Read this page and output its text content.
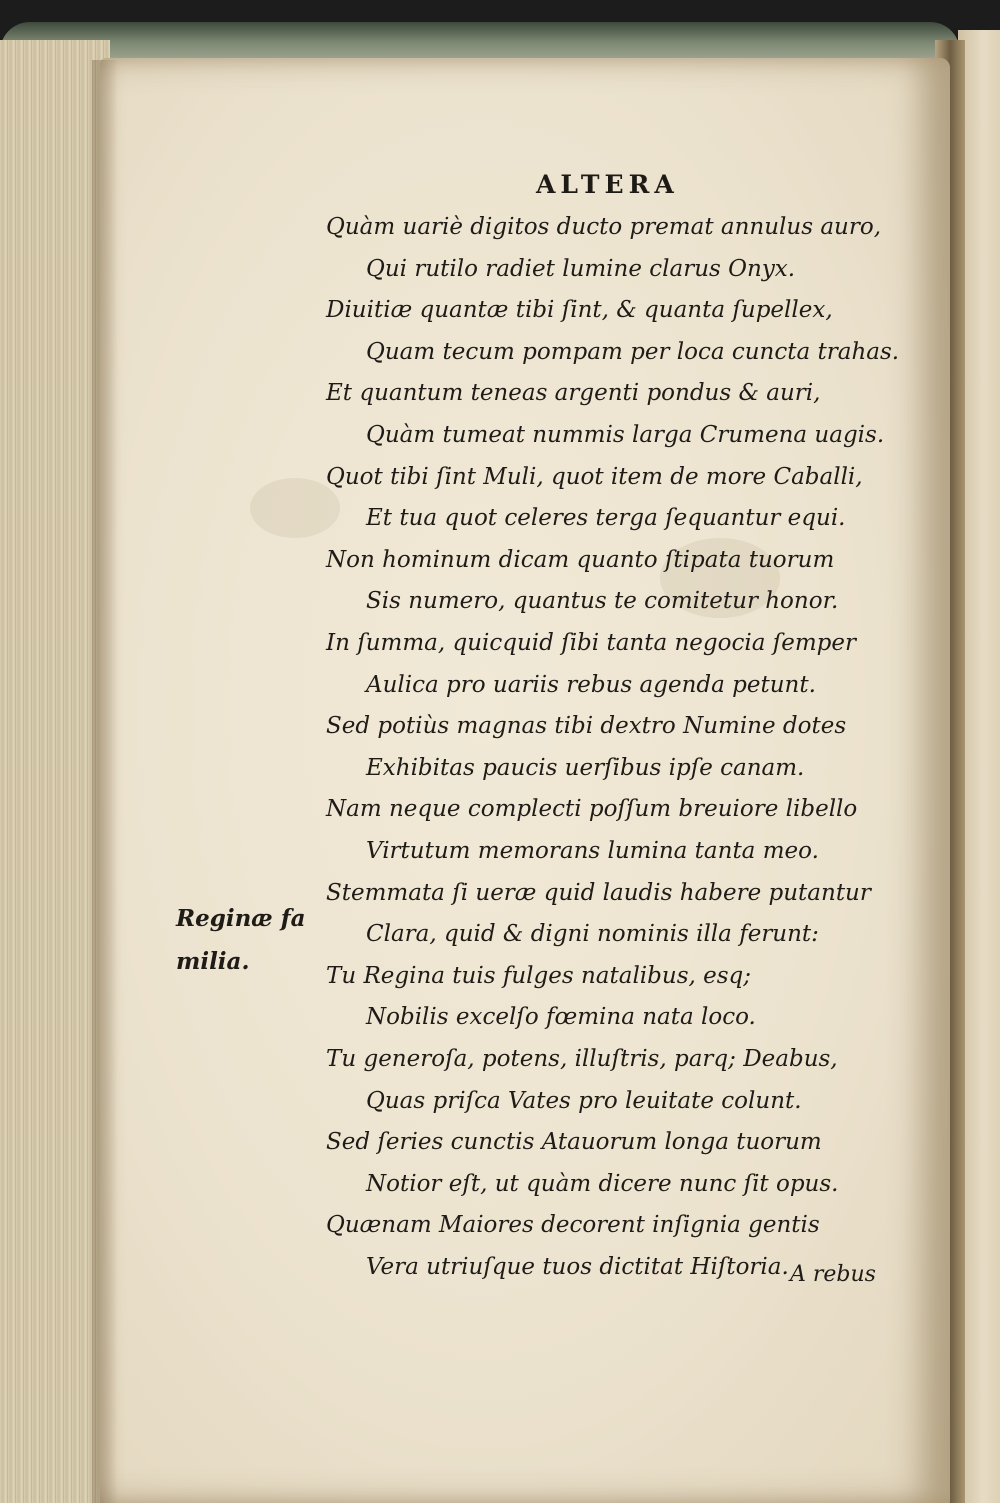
ALTERA
Quàm uariè digitos ducto premat annulus auro,
Qui rutilo radiet lumine clarus Onyx.
Diuitiæ quantæ tibi ſint, & quanta ſupellex,
Quam tecum pompam per loca cuncta trahas.
Et quantum teneas argenti pondus & auri,
Quàm tumeat nummis larga Crumena uagis.
Quot tibi ſint Muli, quot item de more Caballi,
Et tua quot celeres terga ſequantur equi.
Non hominum dicam quanto ſtipata tuorum
Sis numero, quantus te comitetur honor.
In ſumma, quicquid ſibi tanta negocia ſemper
Aulica pro uariis rebus agenda petunt.
Sed potiùs magnas tibi dextro Numine dotes
Exhibitas paucis uerſibus ipſe canam.
Nam neque complecti poſſum breuiore libello
Virtutum memorans lumina tanta meo.
Stemmata ſi ueræ quid laudis habere putantur
Clara, quid & digni nominis illa ferunt:
Tu Regina tuis fulges natalibus, esq;
Nobilis excelſo fœmina nata loco.
Tu generoſa, potens, illuſtris, parq; Deabus,
Quas priſca Vates pro leuitate colunt.
Sed ſeries cunctis Atauorum longa tuorum
Notior eſt, ut quàm dicere nunc ſit opus.
Quænam Maiores decorent inſignia gentis
Vera utriuſque tuos dictitat Hiſtoria.
Reginæ fa
milia.
A rebus
